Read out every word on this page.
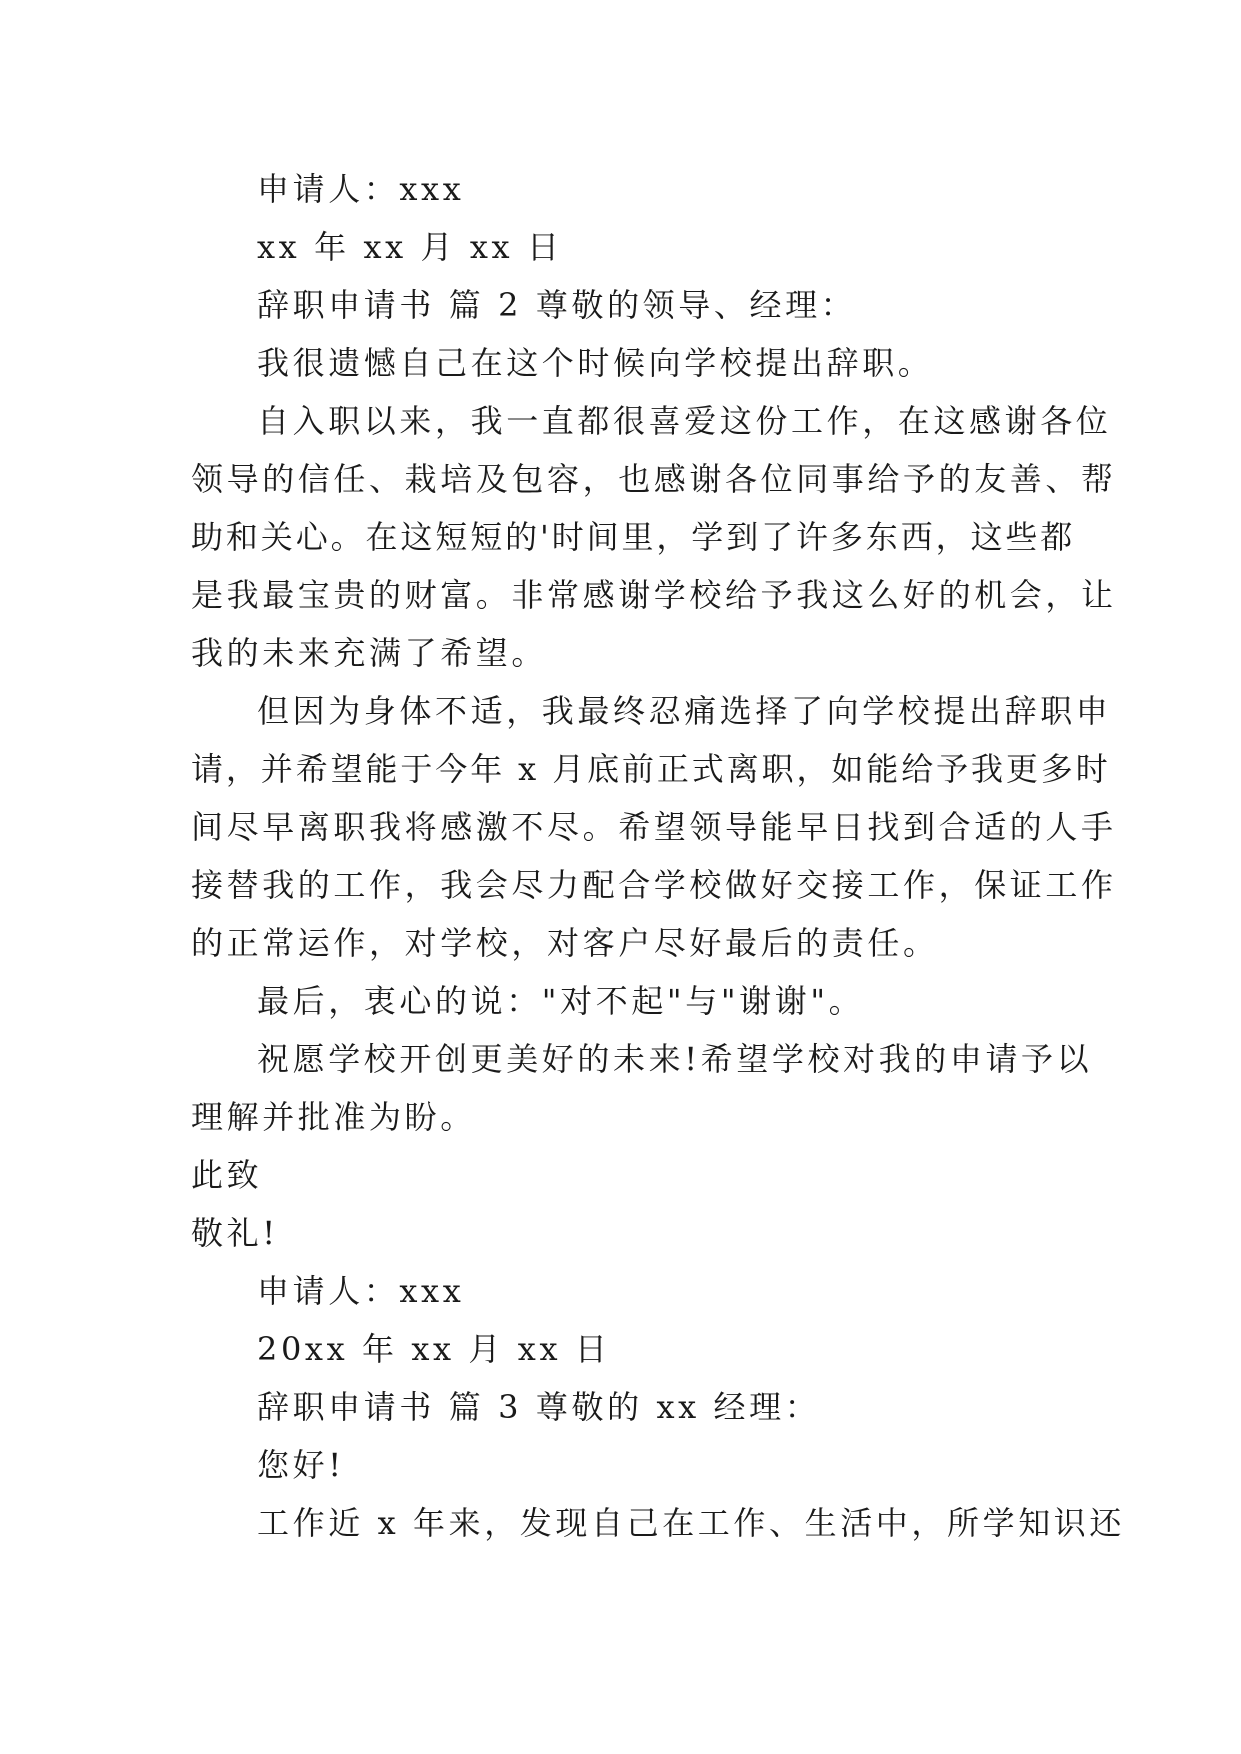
申请人：xxx
xx 年 xx 月 xx 日
辞职申请书 篇 2 尊敬的领导、经理：
我很遗憾自己在这个时候向学校提出辞职。
自入职以来，我一直都很喜爱这份工作，在这感谢各位
领导的信任、栽培及包容，也感谢各位同事给予的友善、帮
助和关心。在这短短的'时间里，学到了许多东西，这些都
是我最宝贵的财富。非常感谢学校给予我这么好的机会，让
我的未来充满了希望。
但因为身体不适，我最终忍痛选择了向学校提出辞职申
请，并希望能于今年 x 月底前正式离职，如能给予我更多时
间尽早离职我将感激不尽。希望领导能早日找到合适的人手
接替我的工作，我会尽力配合学校做好交接工作，保证工作
的正常运作，对学校，对客户尽好最后的责任。
最后，衷心的说："对不起"与"谢谢"。
祝愿学校开创更美好的未来!希望学校对我的申请予以
理解并批准为盼。
此致
敬礼!
申请人：xxx
20xx 年 xx 月 xx 日
辞职申请书 篇 3 尊敬的 xx 经理：
您好!
工作近 x 年来，发现自己在工作、生活中，所学知识还
